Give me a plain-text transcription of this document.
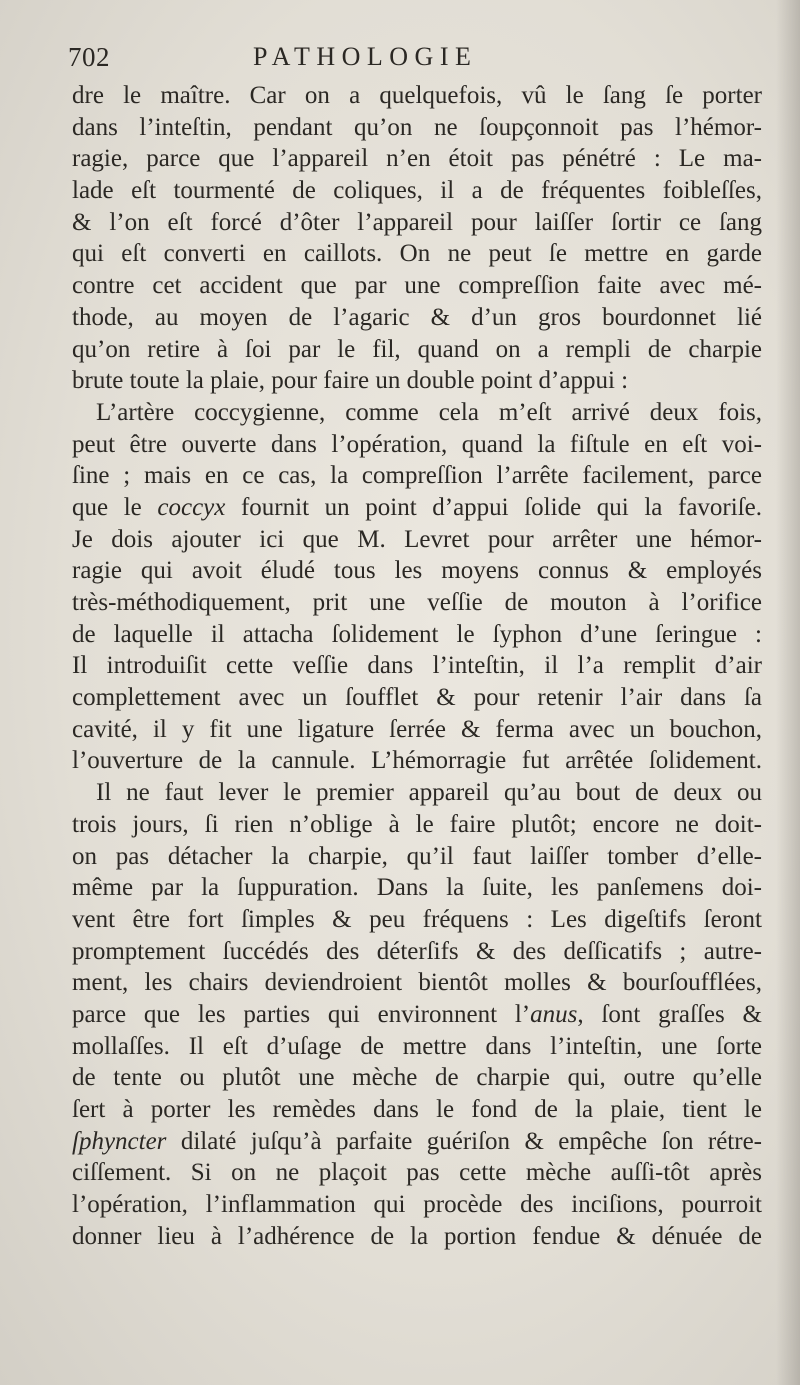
702	PATHOLOGIE
dre le maître. Car on a quelquefois, vû le ſang ſe porter
dans l’inteſtin, pendant qu’on ne ſoupçonnoit pas l’hémor-
ragie, parce que l’appareil n’en étoit pas pénétré : Le ma-
lade eſt tourmenté de coliques, il a de fréquentes foibleſſes,
& l’on eſt forcé d’ôter l’appareil pour laiſſer ſortir ce ſang
qui eſt converti en caillots. On ne peut ſe mettre en garde
contre cet accident que par une compreſſion faite avec mé-
thode, au moyen de l’agaric & d’un gros bourdonnet lié
qu’on retire à ſoi par le fil, quand on a rempli de charpie
brute toute la plaie, pour faire un double point d’appui :
L’artère coccygienne, comme cela m’eſt arrivé deux fois,
peut être ouverte dans l’opération, quand la fiſtule en eſt voi-
ſine ; mais en ce cas, la compreſſion l’arrête facilement, parce
que le coccyx fournit un point d’appui ſolide qui la favoriſe.
Je dois ajouter ici que M. Levret pour arrêter une hémor-
ragie qui avoit éludé tous les moyens connus & employés
très-méthodiquement, prit une veſſie de mouton à l’orifice
de laquelle il attacha ſolidement le ſyphon d’une ſeringue :
Il introduiſit cette veſſie dans l’inteſtin, il l’a remplit d’air
complettement avec un ſoufflet & pour retenir l’air dans ſa
cavité, il y fit une ligature ſerrée & ferma avec un bouchon,
l’ouverture de la cannule. L’hémorragie fut arrêtée ſolidement.
Il ne faut lever le premier appareil qu’au bout de deux ou
trois jours, ſi rien n’oblige à le faire plutôt; encore ne doit-
on pas détacher la charpie, qu’il faut laiſſer tomber d’elle-
même par la ſuppuration. Dans la ſuite, les panſemens doi-
vent être fort ſimples & peu fréquens : Les digeſtifs ſeront
promptement ſuccédés des déterſifs & des deſſicatifs ; autre-
ment, les chairs deviendroient bientôt molles & bourſoufflées,
parce que les parties qui environnent l’anus, ſont graſſes &
mollaſſes. Il eſt d’uſage de mettre dans l’inteſtin, une ſorte
de tente ou plutôt une mèche de charpie qui, outre qu’elle
ſert à porter les remèdes dans le fond de la plaie, tient le
ſphyncter dilaté juſqu’à parfaite guériſon & empêche ſon rétre-
ciſſement. Si on ne plaçoit pas cette mèche auſſi-tôt après
l’opération, l’inflammation qui procède des inciſions, pourroit
donner lieu à l’adhérence de la portion fendue & dénuée de
